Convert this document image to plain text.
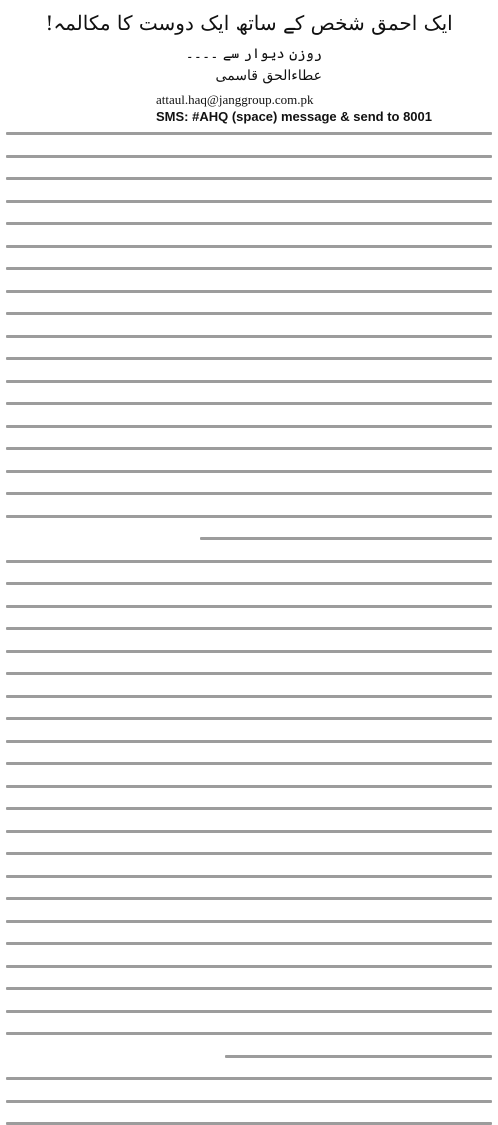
ایک احمق شخص کے ساتھ ایک دوست کا مکالمہ!
روزن دیوار سے ۔۔۔۔
عطاءالحق قاسمی
attaul.haq@janggroup.com.pk
SMS: #AHQ (space) message & send to 8001
